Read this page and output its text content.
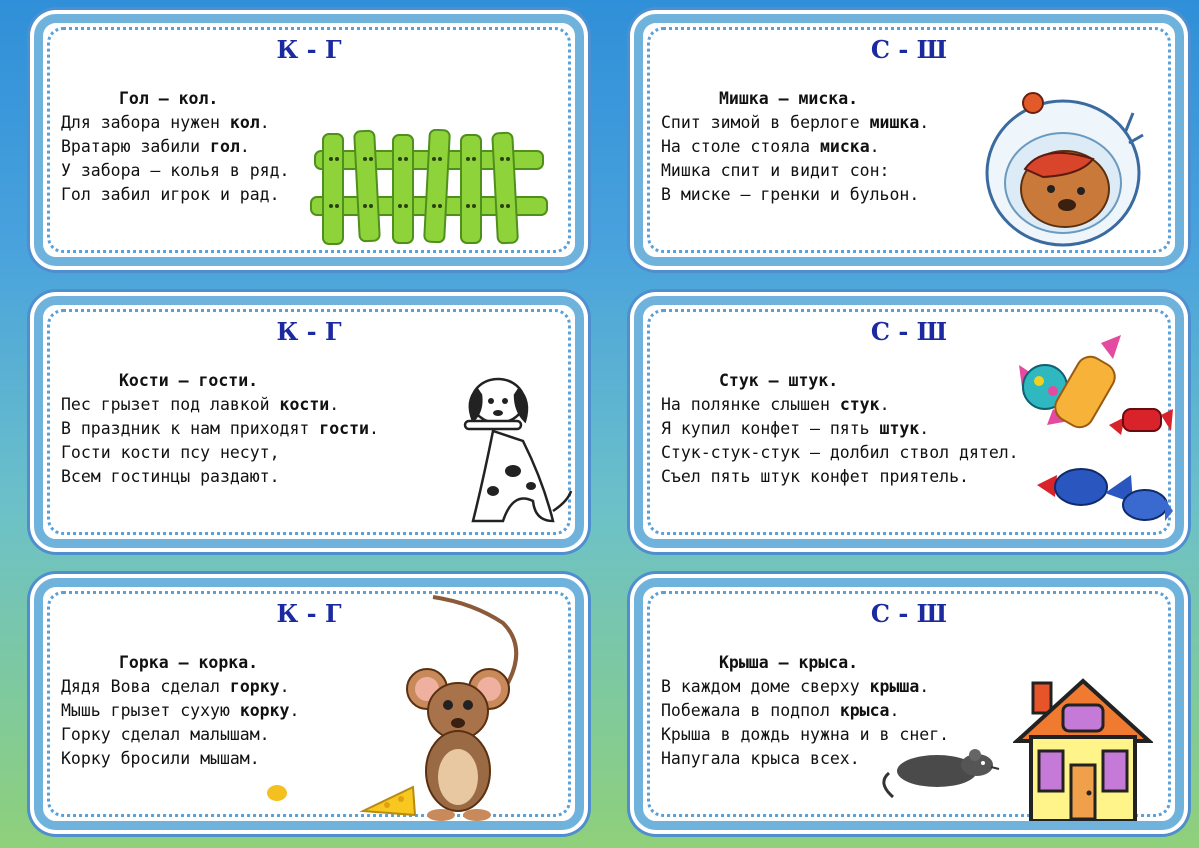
К - Г
Гол – кол.
Для забора нужен кол.
Вратарю забили гол.
У забора – колья в ряд.
Гол забил игрок и рад.
С - Ш
Мишка – миска.
Спит зимой в берлоге мишка.
На столе стояла миска.
Мишка спит и видит сон:
В миске – гренки и бульон.
К - Г
Кости – гости.
Пес грызет под лавкой кости.
В праздник к нам приходят гости.
Гости кости псу несут,
Всем гостинцы раздают.
С - Ш
Стук – штук.
На полянке слышен стук.
Я купил конфет – пять штук.
Стук-стук-стук – долбил ствол дятел.
Съел пять штук конфет приятель.
К - Г
Горка – корка.
Дядя Вова сделал горку.
Мышь грызет сухую корку.
Горку сделал малышам.
Корку бросили мышам.
С - Ш
Крыша – крыса.
В каждом доме сверху крыша.
Побежала в подпол крыса.
Крыша в дождь нужна и в снег.
Напугала крыса всех.
